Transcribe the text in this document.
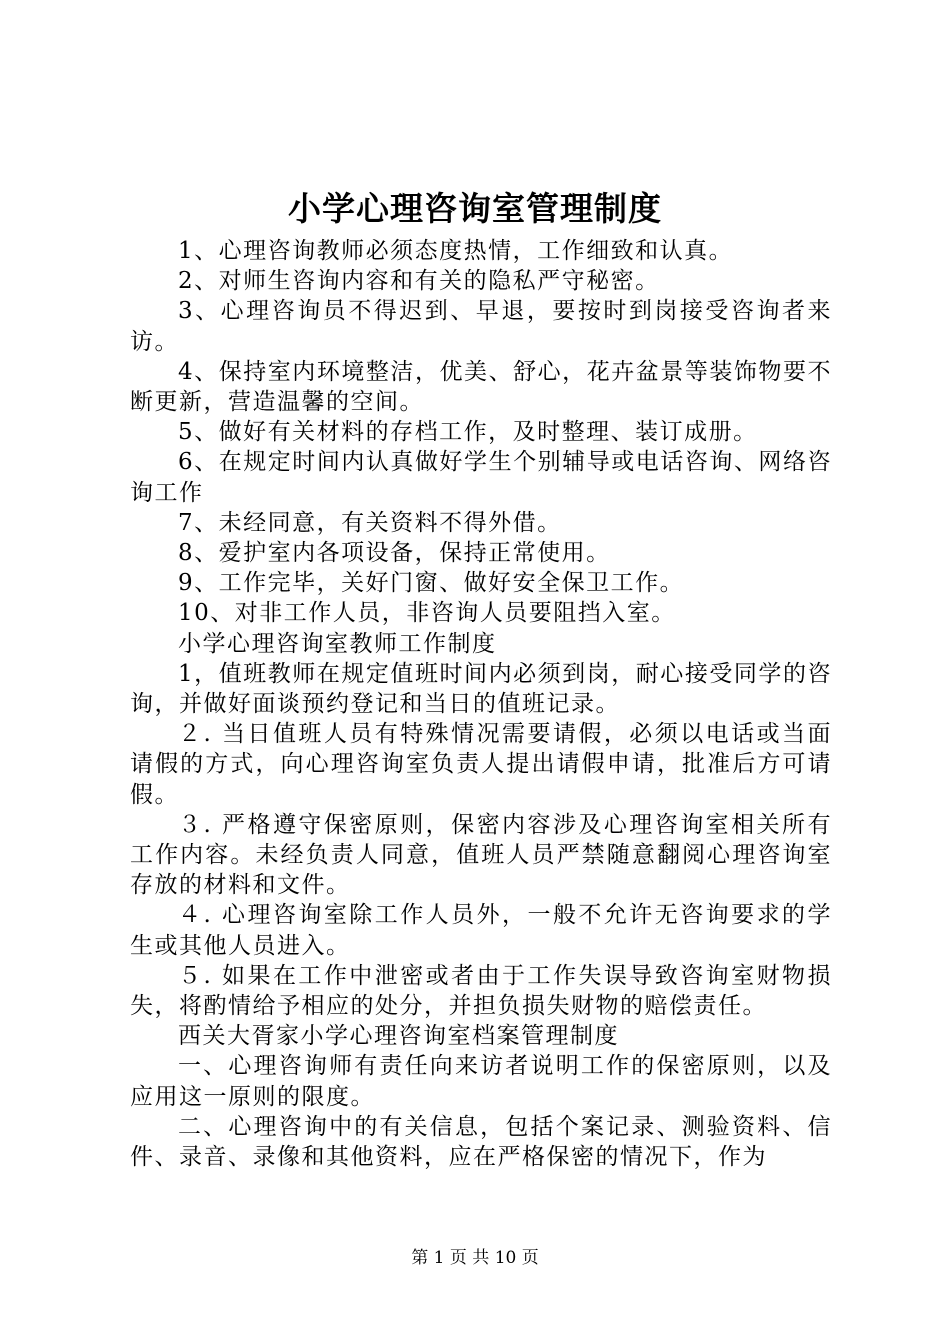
小学心理咨询室管理制度

1、心理咨询教师必须态度热情，工作细致和认真。

2、对师生咨询内容和有关的隐私严守秘密。

3、心理咨询员不得迟到、早退，要按时到岗接受咨询者来访。

4、保持室内环境整洁，优美、舒心，花卉盆景等装饰物要不断更新，营造温馨的空间。

5、做好有关材料的存档工作，及时整理、装订成册。

6、在规定时间内认真做好学生个别辅导或电话咨询、网络咨询工作

7、未经同意，有关资料不得外借。

8、爱护室内各项设备，保持正常使用。

9、工作完毕，关好门窗、做好安全保卫工作。

10、对非工作人员，非咨询人员要阻挡入室。

小学心理咨询室教师工作制度

1，值班教师在规定值班时间内必须到岗，耐心接受同学的咨询，并做好面谈预约登记和当日的值班记录。

２. 当日值班人员有特殊情况需要请假，必须以电话或当面请假的方式，向心理咨询室负责人提出请假申请，批准后方可请假。

３. 严格遵守保密原则，保密内容涉及心理咨询室相关所有工作内容。未经负责人同意，值班人员严禁随意翻阅心理咨询室存放的材料和文件。

４. 心理咨询室除工作人员外，一般不允许无咨询要求的学生或其他人员进入。

５. 如果在工作中泄密或者由于工作失误导致咨询室财物损失，将酌情给予相应的处分，并担负损失财物的赔偿责任。

西关大胥家小学心理咨询室档案管理制度

一、心理咨询师有责任向来访者说明工作的保密原则，以及应用这一原则的限度。

二、心理咨询中的有关信息，包括个案记录、测验资料、信件、录音、录像和其他资料，应在严格保密的情况下，作为

第 1 页 共 10 页
